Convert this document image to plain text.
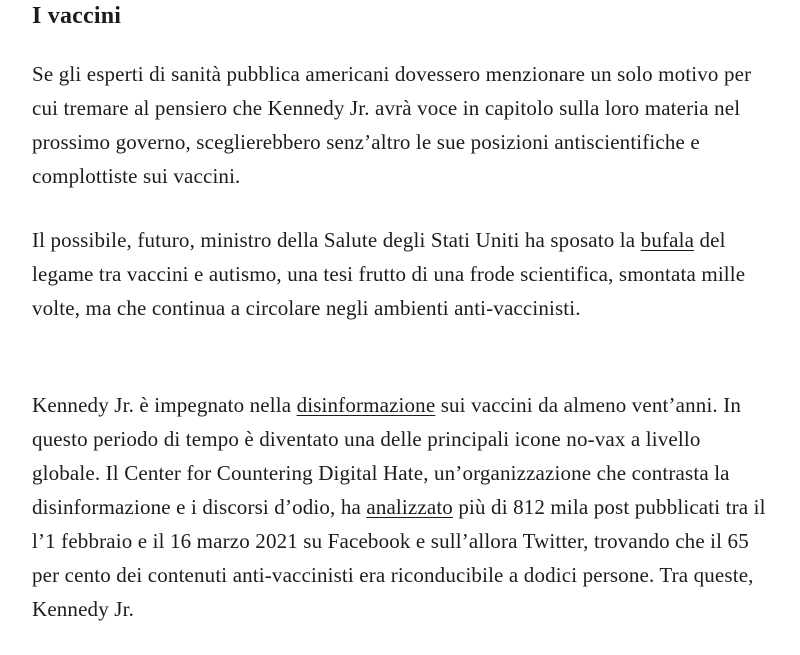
I vaccini

Se gli esperti di sanità pubblica americani dovessero menzionare un solo motivo per cui tremare al pensiero che Kennedy Jr. avrà voce in capitolo sulla loro materia nel prossimo governo, sceglierebbero senz’altro le sue posizioni antiscientifiche e complottiste sui vaccini.

Il possibile, futuro, ministro della Salute degli Stati Uniti ha sposato la bufala del legame tra vaccini e autismo, una tesi frutto di una frode scientifica, smontata mille volte, ma che continua a circolare negli ambienti anti-vaccinisti.

Kennedy Jr. è impegnato nella disinformazione sui vaccini da almeno vent’anni. In questo periodo di tempo è diventato una delle principali icone no-vax a livello globale. Il Center for Countering Digital Hate, un’organizzazione che contrasta la disinformazione e i discorsi d’odio, ha analizzato più di 812 mila post pubblicati tra il l’1 febbraio e il 16 marzo 2021 su Facebook e sull’allora Twitter, trovando che il 65 per cento dei contenuti anti-vaccinisti era riconducibile a dodici persone. Tra queste, Kennedy Jr.
